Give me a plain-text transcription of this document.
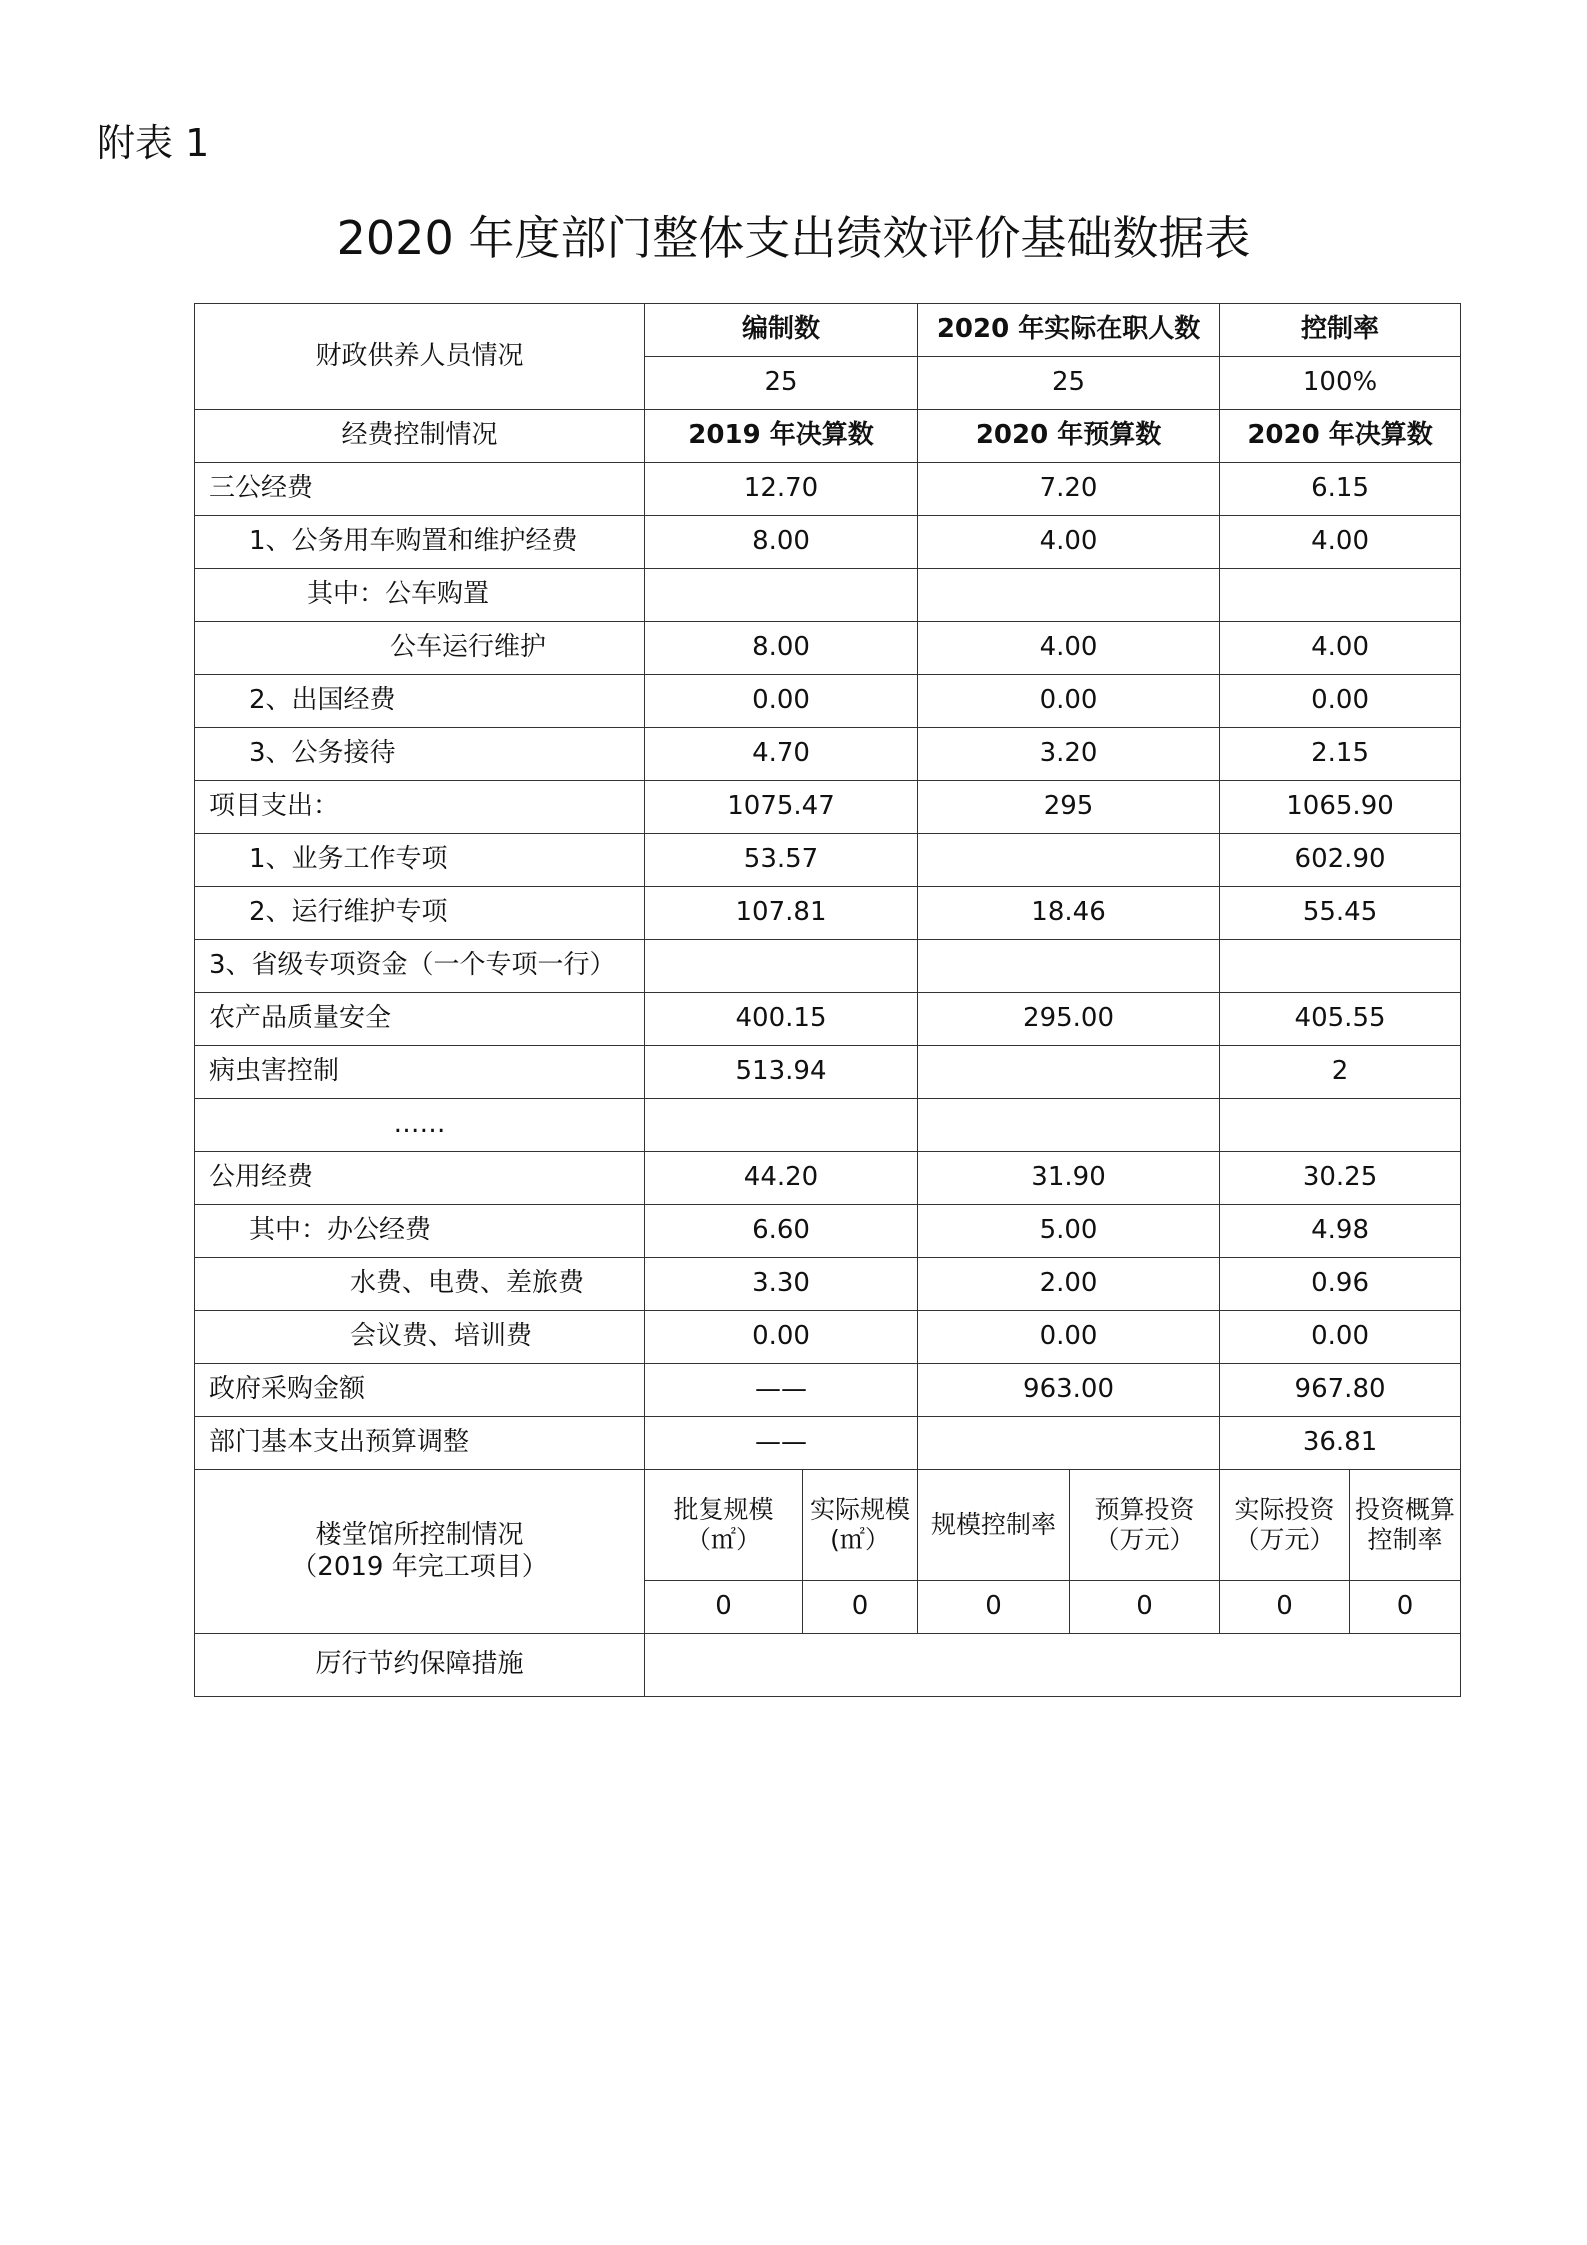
附表 1
2020 年度部门整体支出绩效评价基础数据表
财政供养人员情况	编制数		2020 年实际在职人数		控制率	
	25		25		100%	
经费控制情况	2019 年决算数		2020 年预算数		2020 年决算数	
三公经费	12.70		7.20		6.15	
1、公务用车购置和维护经费	8.00		4.00		4.00	
其中：公车购置						
公车运行维护	8.00		4.00		4.00	
2、出国经费	0.00		0.00		0.00	
3、公务接待	4.70		3.20		2.15	
项目支出：	1075.47		295		1065.90	
1、业务工作专项	53.57				602.90	
2、运行维护专项	107.81		18.46		55.45	
3、省级专项资金（一个专项一行）						
农产品质量安全	400.15		295.00		405.55	
病虫害控制	513.94				2	
……						
公用经费	44.20		31.90		30.25	
其中：办公经费	6.60		5.00		4.98	
水费、电费、差旅费	3.30		2.00		0.96	
会议费、培训费	0.00		0.00		0.00	
政府采购金额	——		963.00		967.80	
部门基本支出预算调整	——				36.81	

楼堂馆所控制情况
（2019 年完工项目）	批复规模（㎡）	实际规模(㎡）	规模控制率	预算投资（万元）	实际投资（万元）	投资概算控制率
	0	0	0	0	0	0
厉行节约保障措施						
